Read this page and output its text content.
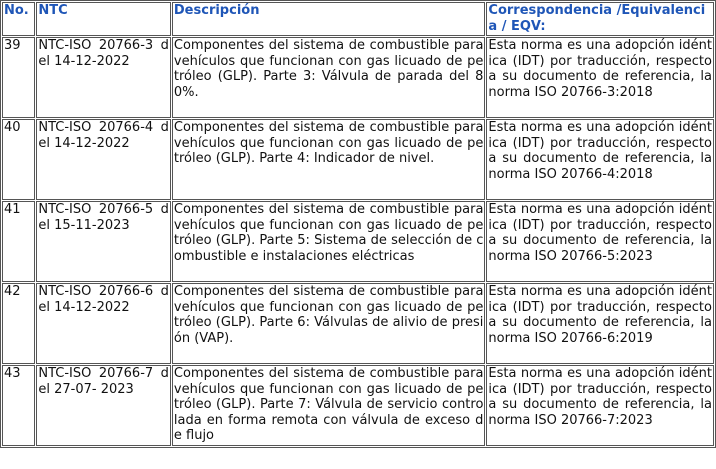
No.	NTC	Descripción	Correspondencia /Equivalencia / EQV:
39	NTC-ISO 20766-3 del 14-12-2022	Componentes del sistema de combustible para vehículos que funcionan con gas licuado de petróleo (GLP). Parte 3: Válvula de parada del 80%.	Esta norma es una adopción idéntica (IDT) por traducción, respecto a su documento de referencia, la norma ISO 20766-3:2018
40	NTC-ISO 20766-4 del 14-12-2022	Componentes del sistema de combustible para vehículos que funcionan con gas licuado de petróleo (GLP). Parte 4: Indicador de nivel.	Esta norma es una adopción idéntica (IDT) por traducción, respecto a su documento de referencia, la norma ISO 20766-4:2018
41	NTC-ISO 20766-5 del 15-11-2023	Componentes del sistema de combustible para vehículos que funcionan con gas licuado de petróleo (GLP). Parte 5: Sistema de selección de combustible e instalaciones eléctricas	Esta norma es una adopción idéntica (IDT) por traducción, respecto a su documento de referencia, la norma ISO 20766-5:2023
42	NTC-ISO 20766-6 del 14-12-2022	Componentes del sistema de combustible para vehículos que funcionan con gas licuado de petróleo (GLP). Parte 6: Válvulas de alivio de presión (VAP).	Esta norma es una adopción idéntica (IDT) por traducción, respecto a su documento de referencia, la norma ISO 20766-6:2019
43	NTC-ISO 20766-7 del 27-07- 2023	Componentes del sistema de combustible para vehículos que funcionan con gas licuado de petróleo (GLP). Parte 7: Válvula de servicio controlada en forma remota con válvula de exceso de flujo	Esta norma es una adopción idéntica (IDT) por traducción, respecto a su documento de referencia, la norma ISO 20766-7:2023
